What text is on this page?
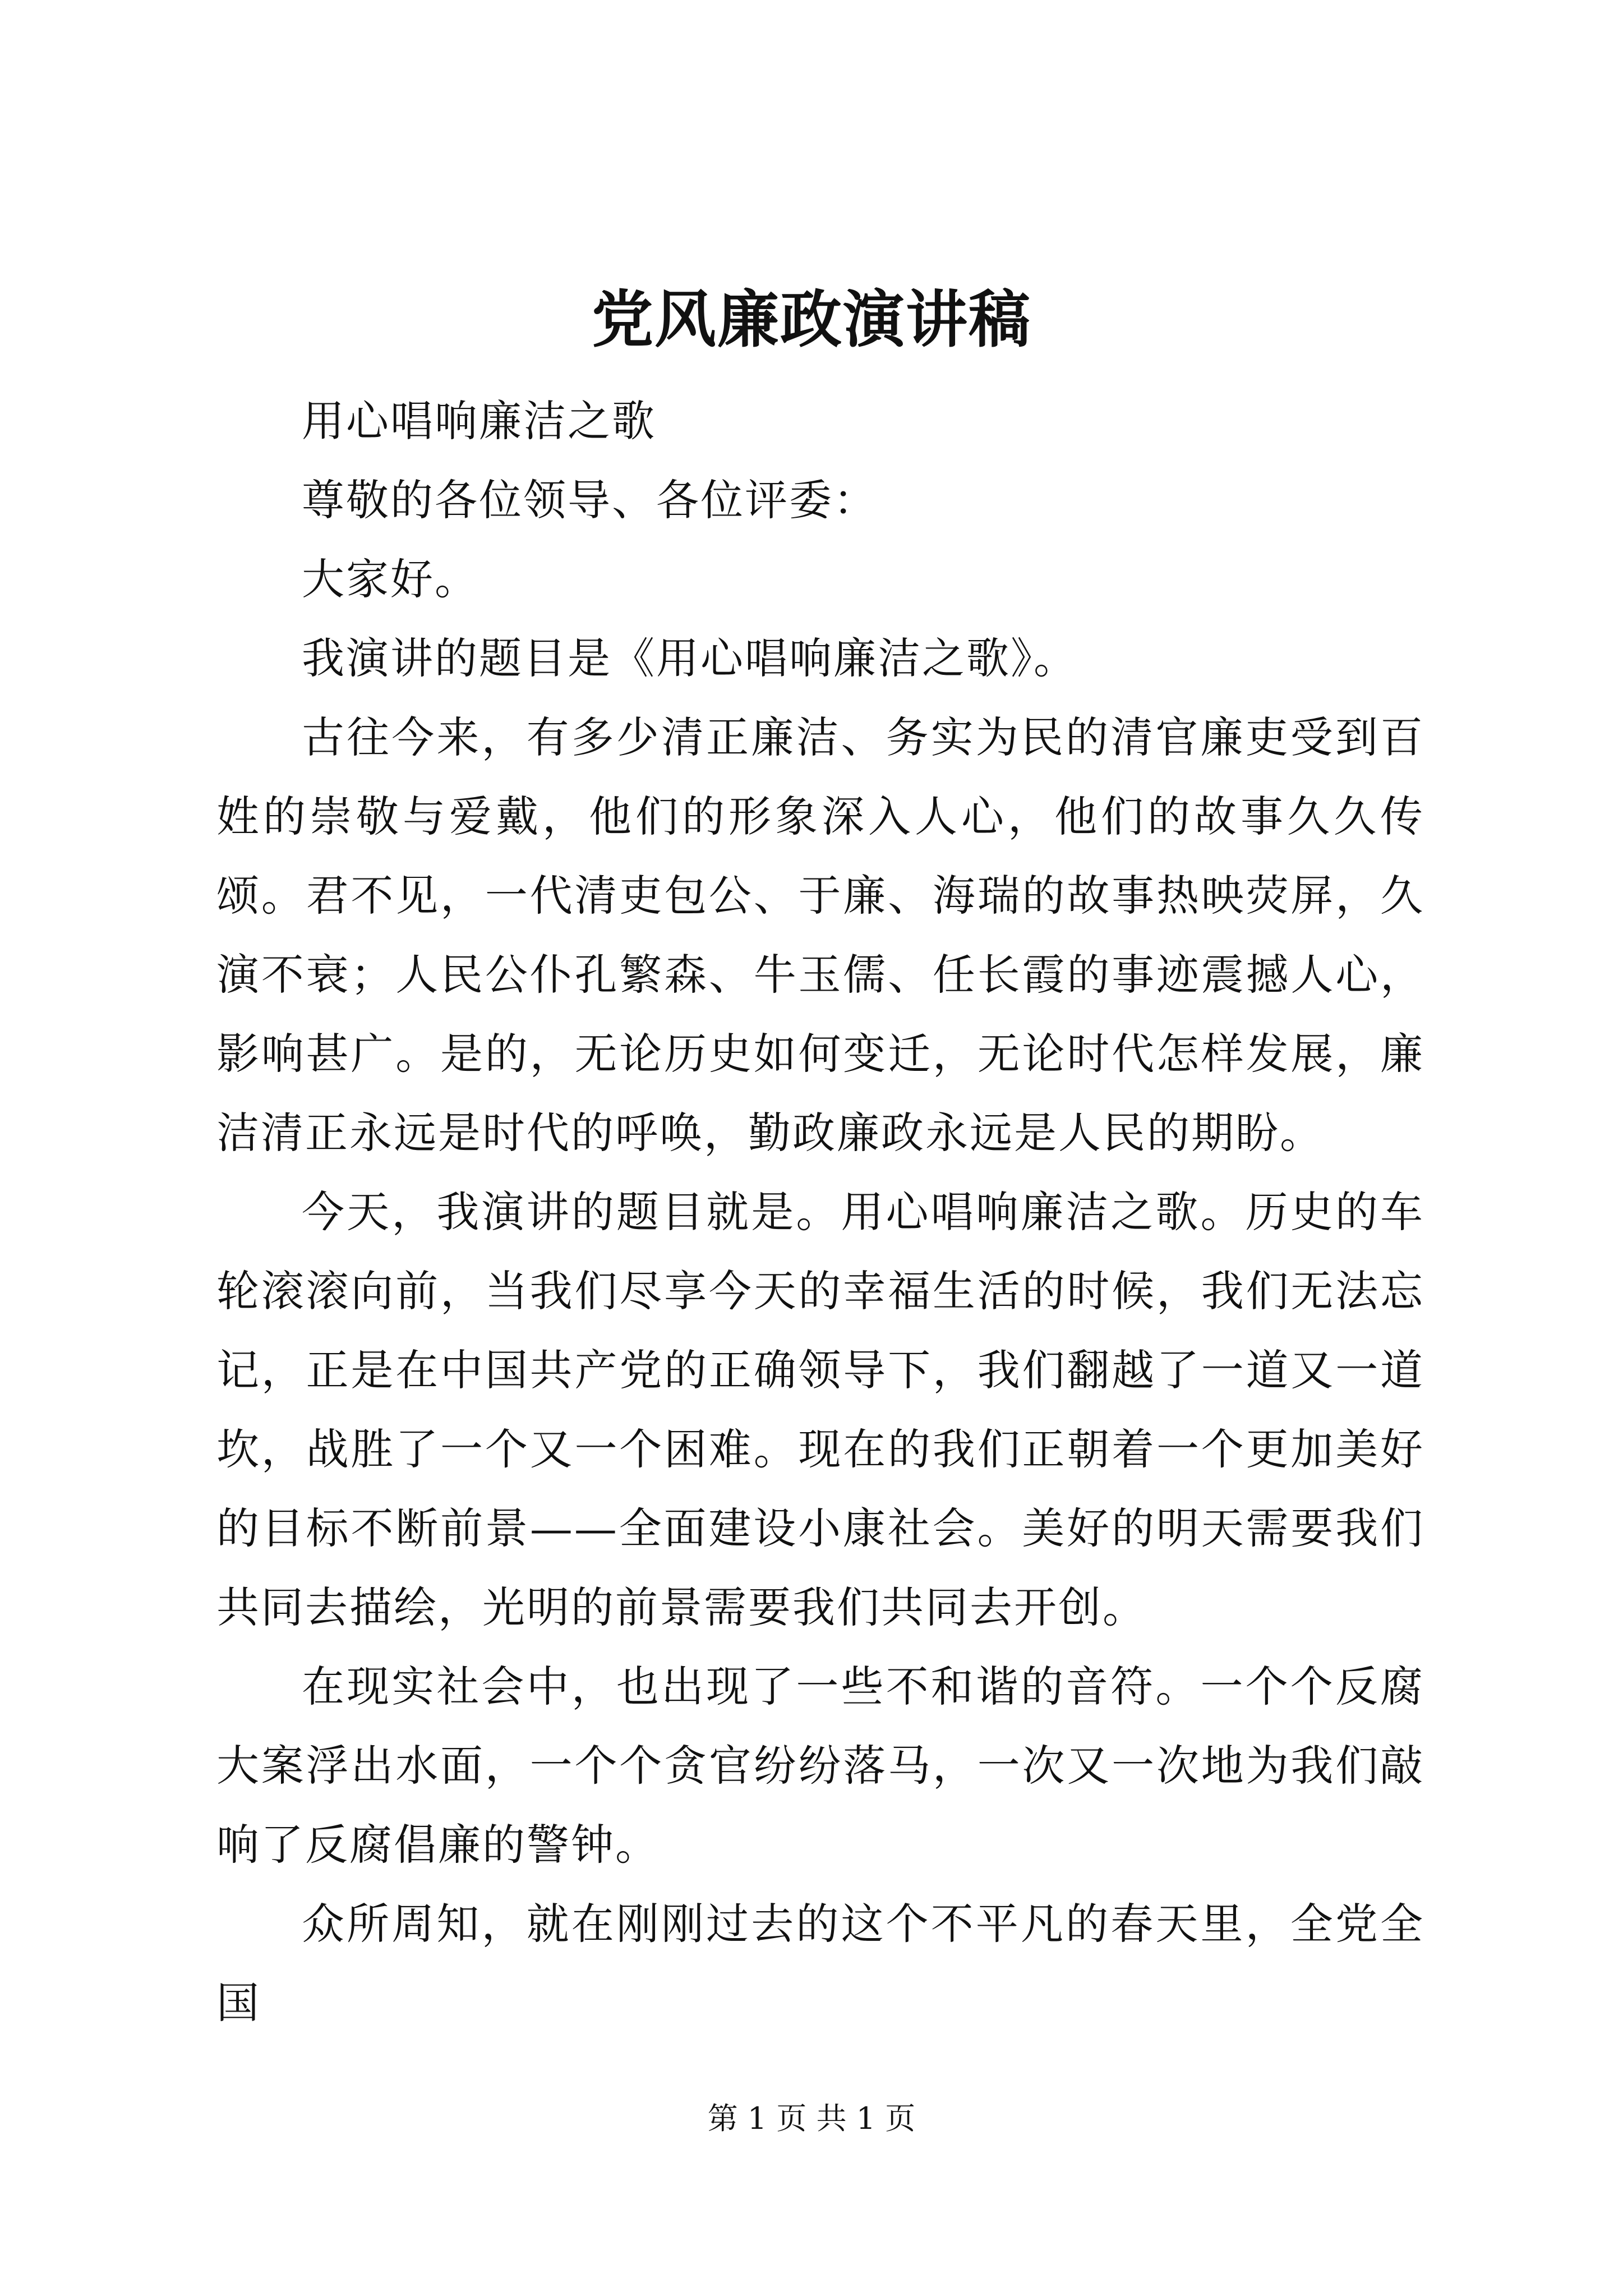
党风廉政演讲稿

用心唱响廉洁之歌

尊敬的各位领导、各位评委：

大家好。

我演讲的题目是《用心唱响廉洁之歌》。

古往今来，有多少清正廉洁、务实为民的清官廉吏受到百姓的崇敬与爱戴，他们的形象深入人心，他们的故事久久传颂。君不见，一代清吏包公、于廉、海瑞的故事热映荧屏，久演不衰；人民公仆孔繁森、牛玉儒、任长霞的事迹震撼人心，影响甚广。是的，无论历史如何变迁，无论时代怎样发展，廉洁清正永远是时代的呼唤，勤政廉政永远是人民的期盼。

今天，我演讲的题目就是。用心唱响廉洁之歌。历史的车轮滚滚向前，当我们尽享今天的幸福生活的时候，我们无法忘记，正是在中国共产党的正确领导下，我们翻越了一道又一道坎，战胜了一个又一个困难。现在的我们正朝着一个更加美好的目标不断前景——全面建设小康社会。美好的明天需要我们共同去描绘，光明的前景需要我们共同去开创。

在现实社会中，也出现了一些不和谐的音符。一个个反腐大案浮出水面，一个个贪官纷纷落马，一次又一次地为我们敲响了反腐倡廉的警钟。

众所周知，就在刚刚过去的这个不平凡的春天里，全党全国

第 1 页 共 1 页
